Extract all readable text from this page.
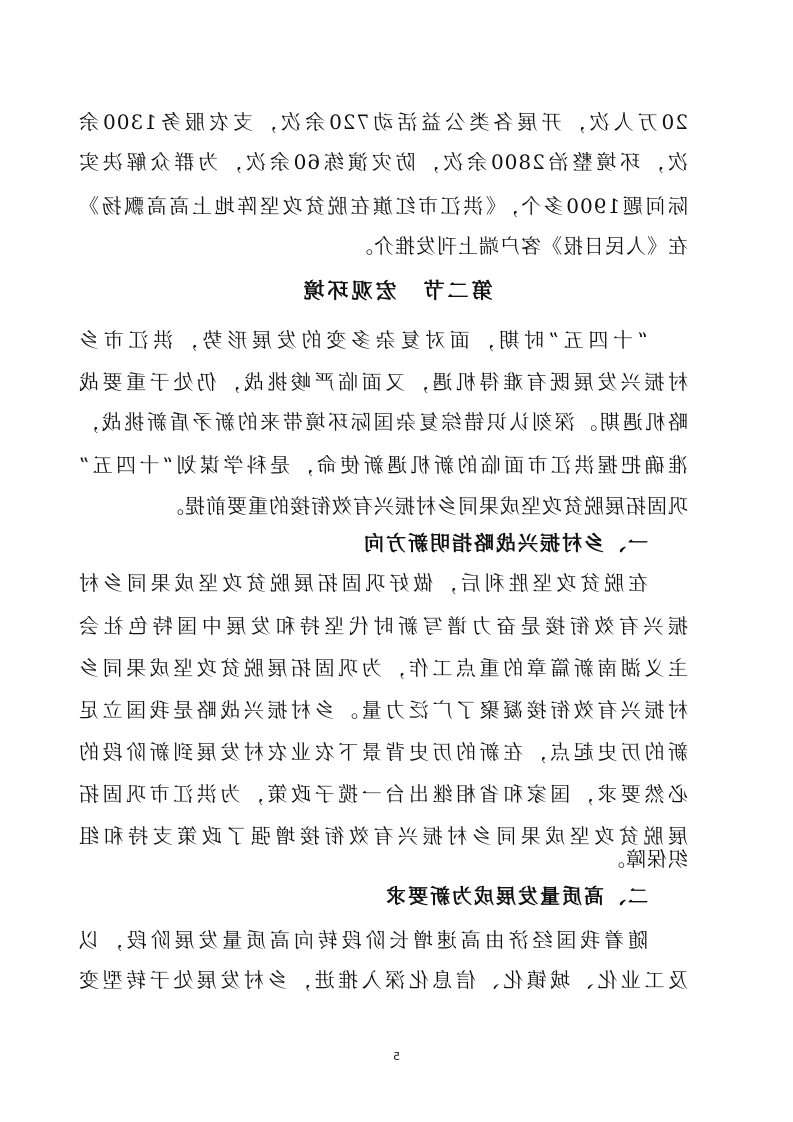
20万人次，开展各类公益活动720余次，支农服务1300余
次，环境整治2800余次，防灾演练60余次，为群众解决实
际问题1900多个，《洪江市红旗在脱贫攻坚阵地上高高飘扬》
在《人民日报》客户端上刊发推介。
第二节　宏观环境
“十四五”时期，面对复杂多变的发展形势，洪江市乡
村振兴发展既有难得机遇，又面临严峻挑战，仍处于重要战
略机遇期。深刻认识错综复杂国际环境带来的新矛盾新挑战，
准确把握洪江市面临的新机遇新使命，是科学谋划“十四五”
巩固拓展脱贫攻坚成果同乡村振兴有效衔接的重要前提。
一、乡村振兴战略指明新方向
在脱贫攻坚胜利后，做好巩固拓展脱贫攻坚成果同乡村
振兴有效衔接是奋力谱写新时代坚持和发展中国特色社会
主义湖南新篇章的重点工作，为巩固拓展脱贫攻坚成果同乡
村振兴有效衔接凝聚了广泛力量。乡村振兴战略是我国立足
新的历史起点，在新的历史背景下农业农村发展到新阶段的
必然要求，国家和省相继出台一揽子政策，为洪江市巩固拓
展脱贫攻坚成果同乡村振兴有效衔接增强了政策支持和组
织保障。
二、高质量发展成为新要求
随着我国经济由高速增长阶段转向高质量发展阶段，以
及工业化、城镇化、信息化深入推进，乡村发展处于转型变
5
